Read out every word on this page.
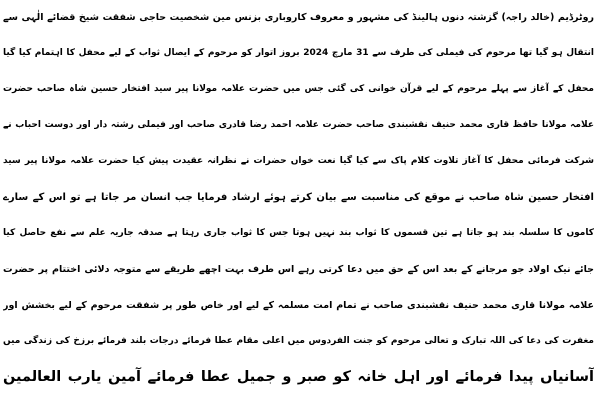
روٹرڈیم (خالد راجہ) گزشتہ دنوں ہالینڈ کی مشہور و معروف کاروباری بزنس مین شخصیت حاجی شفقت شیخ قضائے الٰہی سے
انتقال ہو گیا تھا مرحوم کی فیملی کی طرف سے 31 مارچ 2024 بروز اتوار کو مرحوم کے ایصال ثواب کے لیے محفل کا اہتمام کیا گیا
محفل کے آغاز سے پہلے مرحوم کے لیے قرآن خوانی کی گئی جس میں حضرت علامہ مولانا پیر سید افتخار حسین شاہ صاحب حضرت
علامہ مولانا حافظ قاری محمد حنیف نقشبندی صاحب حضرت علامہ احمد رضا قادری صاحب اور فیملی رشتہ دار اور دوست احباب نے
شرکت فرمائی محفل کا آغاز تلاوت کلام پاک سے کیا گیا نعت خواں حضرات نے نظرانہ عقیدت پیش کیا حضرت علامہ مولانا پیر سید
افتخار حسین شاہ صاحب نے موقع کی مناسبت سے بیان کرتے ہوئے ارشاد فرمایا جب انسان مر جاتا ہے تو اس کے سارے
کاموں کا سلسلہ بند ہو جاتا ہے تین قسموں کا ثواب بند نہیں ہوتا جس کا ثواب جاری رہتا ہے صدقہ جاریہ علم سے نفع حاصل کیا
جائے نیک اولاد جو مرجانے کے بعد اس کے حق میں دعا کرتی رہے اس طرف بہت اچھے طریقے سے متوجہ دلائی اختتام پر حضرت
علامہ مولانا قاری محمد حنیف نقشبندی صاحب نے تمام امت مسلمہ کے لیے اور خاص طور پر شفقت مرحوم کے لیے بخشش اور
مغفرت کی دعا کی اللہ تبارک و تعالی مرحوم کو جنت الفردوس میں اعلی مقام عطا فرمائے درجات بلند فرمائے برزخ کی زندگی میں
آسانیاں پیدا فرمائے اور اہل خانہ کو صبر و جمیل عطا فرمائے آمین یارب العالمین
